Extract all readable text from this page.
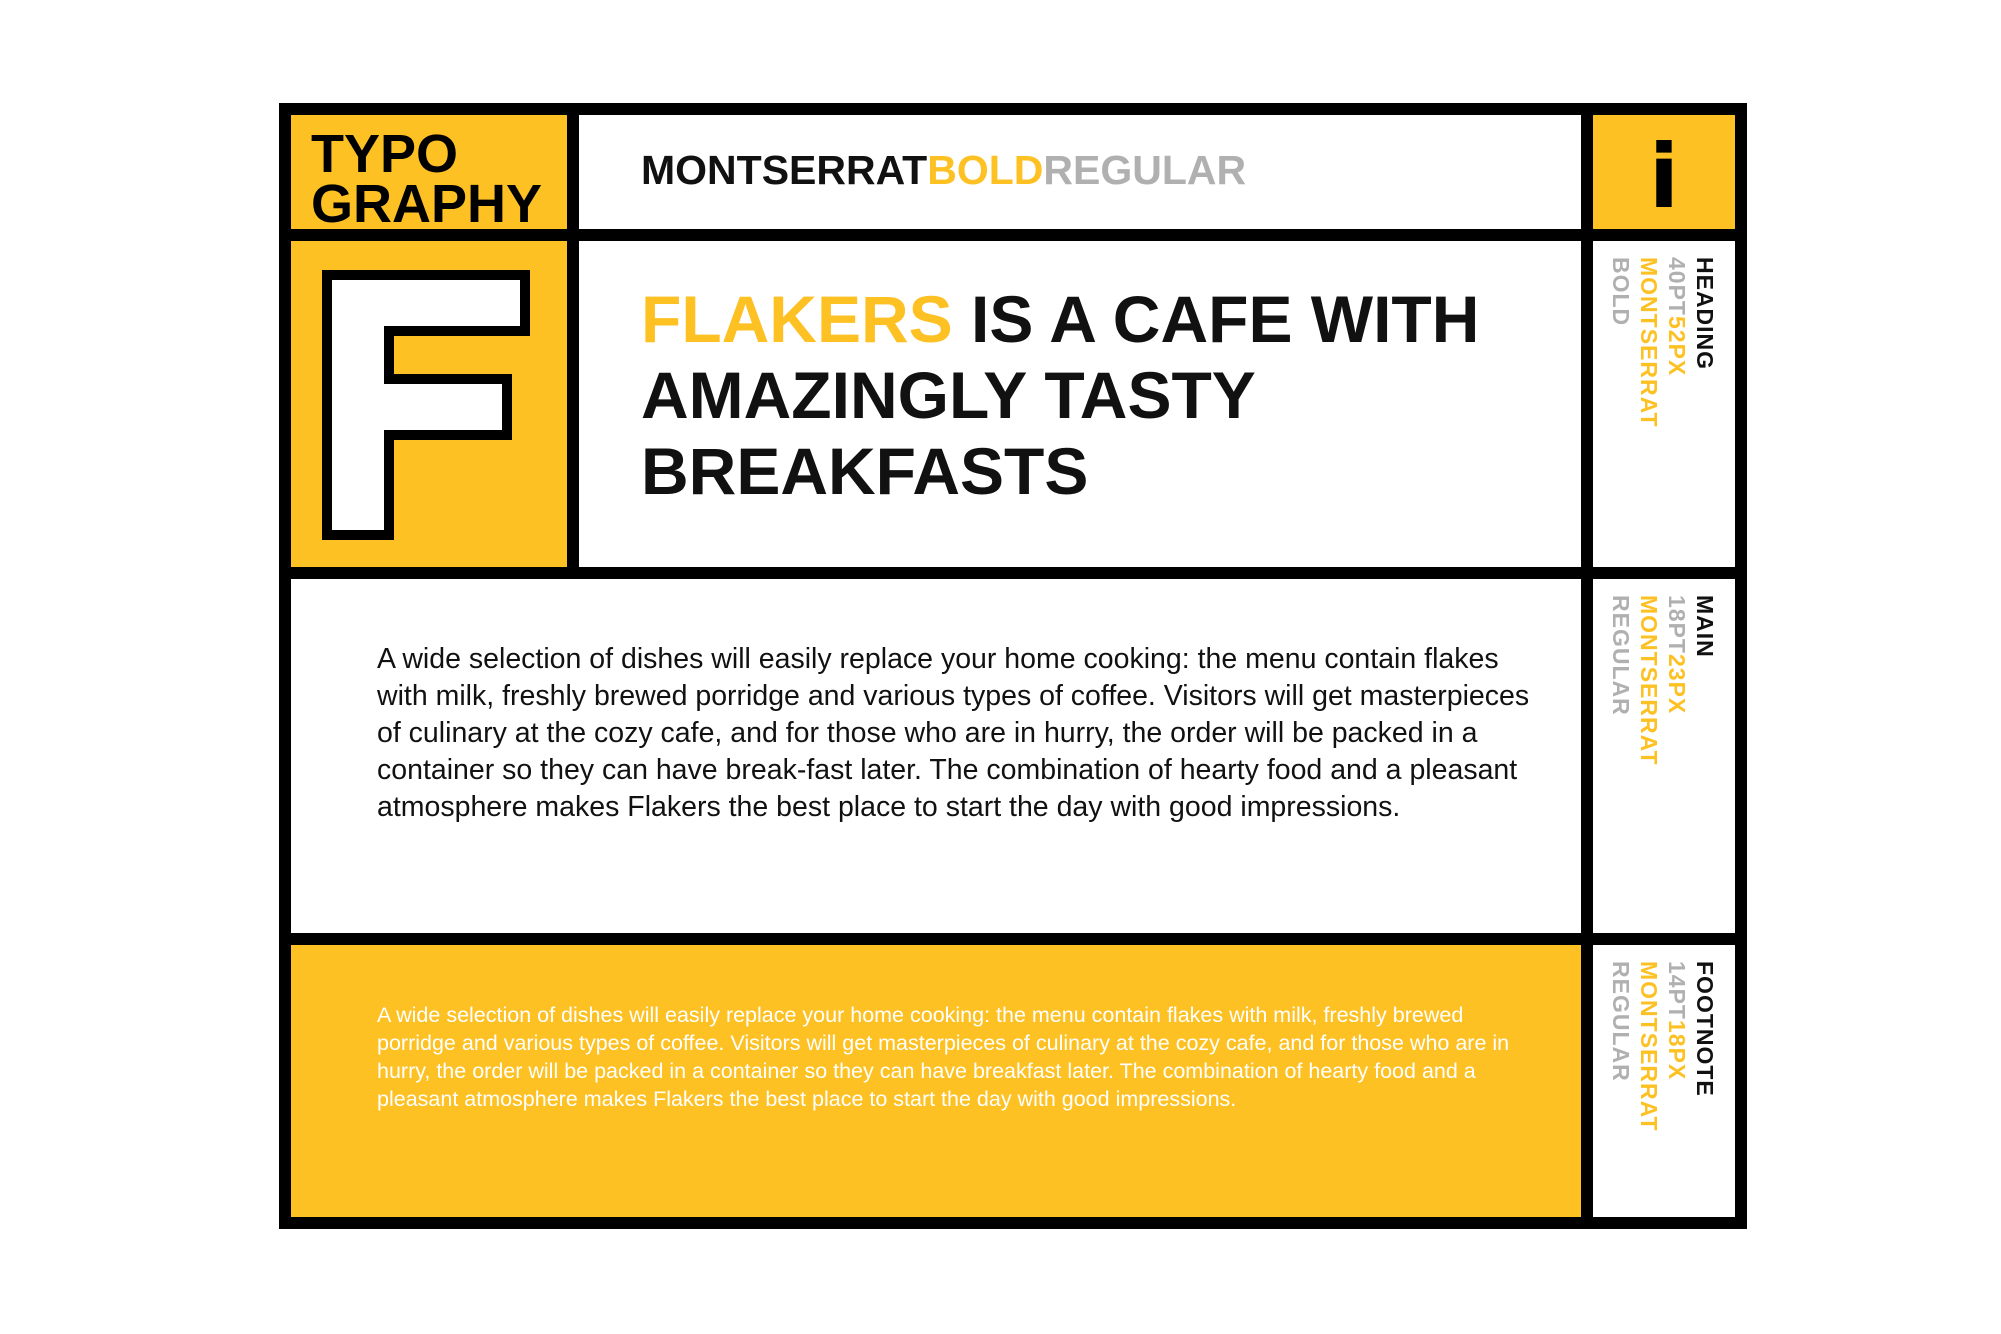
TYPO
GRAPHY
MONTSERRATBOLDREGULAR	i
FLAKERS IS A CAFE WITH AMAZINGLY TASTY BREAKFASTS
HEADING
40PT52PX
MONTSERRAT
BOLD

A wide selection of dishes will easily replace your home cooking: the menu contain flakes with milk, freshly brewed porridge and various types of coffee. Visitors will get masterpieces of culinary at the cozy cafe, and for those who are in hurry, the order will be packed in a container so they can have break-fast later. The combination of hearty food and a pleasant atmosphere makes Flakers the best place to start the day with good impressions.

MAIN
18PT23PX
MONTSERRAT
REGULAR

A wide selection of dishes will easily replace your home cooking: the menu contain flakes with milk, freshly brewed porridge and various types of coffee. Visitors will get masterpieces of culinary at the cozy cafe, and for those who are in hurry, the order will be packed in a container so they can have breakfast later. The combination of hearty food and a pleasant atmosphere makes Flakers the best place to start the day with good impressions.

FOOTNOTE
14PT18PX
MONTSERRAT
REGULAR
